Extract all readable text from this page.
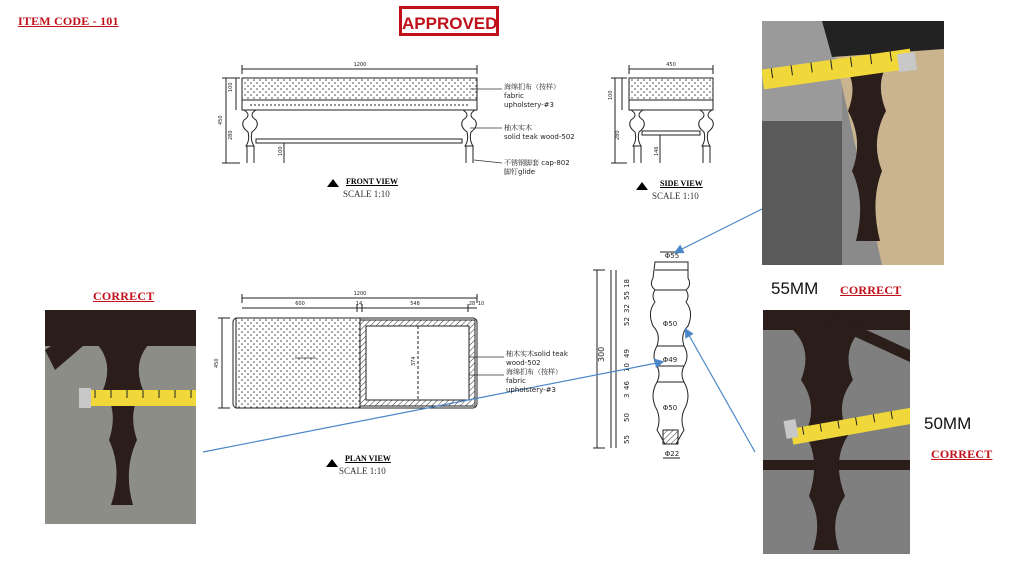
ITEM CODE - 101	APPROVED
1200
450
100
280
100
450
100
280
146
1200
600	14	548	28 10
450	374	300
18
55
32
52
49
10
46
3
50
55
Φ55
Φ50
Φ49
Φ50
Φ22
海绵扪布（按样）
fabric
upholstery-#3
柚木实木
solid teak wood-502
不锈钢脚套 cap-802
脚钉glide
FRONT VIEW
SCALE 1:10
SIDE VIEW
SCALE 1:10
柚木实木solid teak
wood-502
海绵扪布（按样）
fabric
upholstery-#3
PLAN VIEW
SCALE 1:10
CORRECT	55MM CORRECT
50MM
CORRECT
